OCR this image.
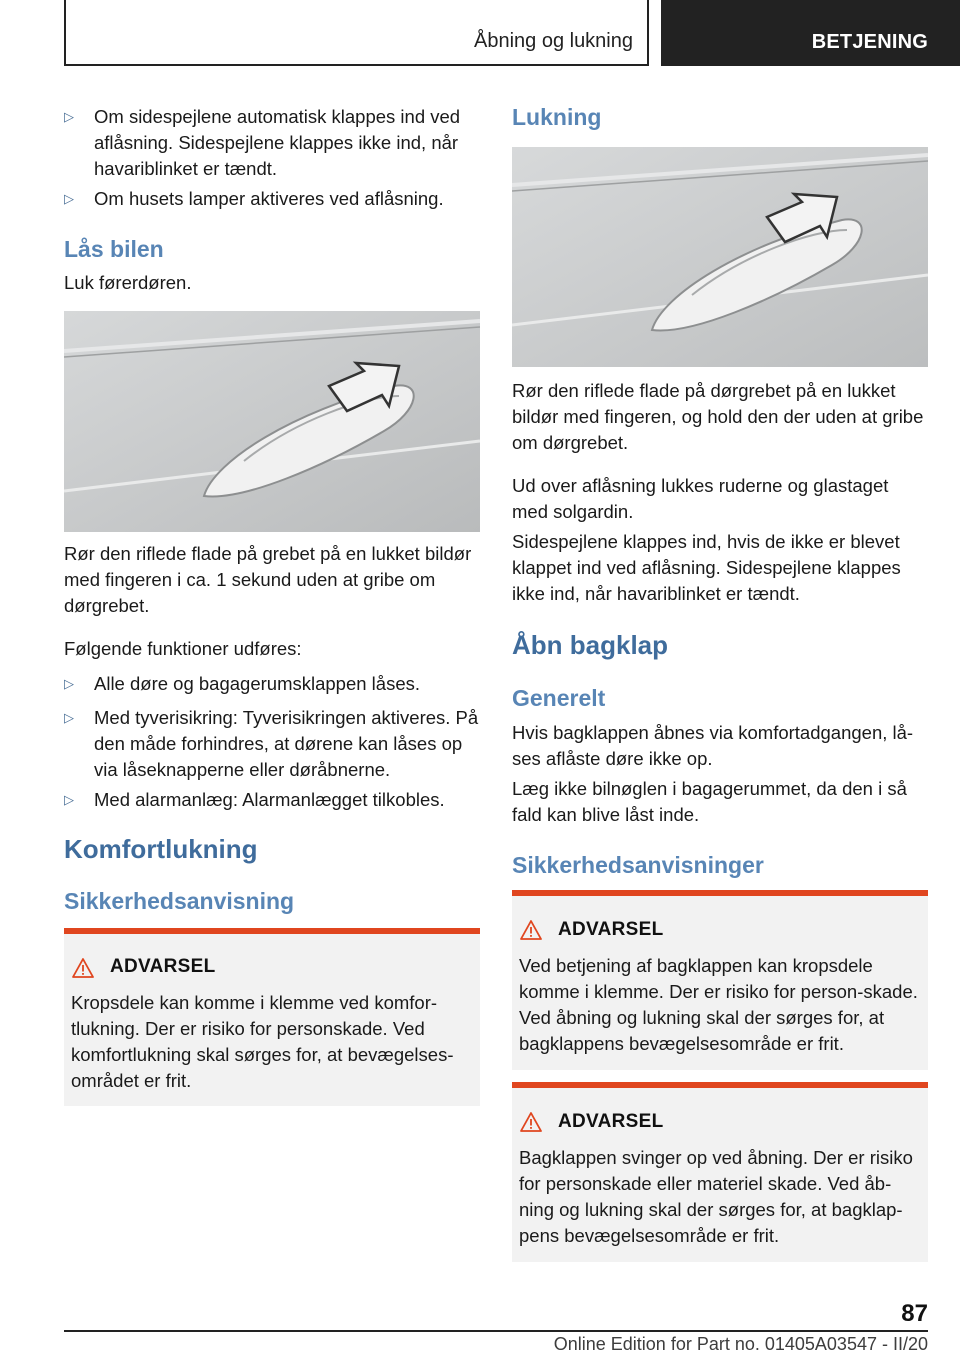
Åbning og lukning	BETJENING
▷	Om sidespejlene automatisk klappes ind ved aflåsning. Sidespejlene klappes ikke ind, når havariblinket er tændt.
▷	Om husets lamper aktiveres ved aflåsning.
Lås bilen
Luk førerdøren.
Rør den riflede flade på grebet på en lukket bildør med fingeren i ca. 1 sekund uden at gribe om dørgrebet.
Følgende funktioner udføres:
▷	Alle døre og bagagerumsklappen låses.
▷	Med tyverisikring: Tyverisikringen aktiveres. På den måde forhindres, at dørene kan låses op via låseknapperne eller døråbnerne.
▷	Med alarmanlæg: Alarmanlægget tilkobles.
Komfortlukning
Sikkerhedsanvisning
ADVARSEL
Kropsdele kan komme i klemme ved komfor-tlukning. Der er risiko for personskade. Ved komfortlukning skal sørges for, at bevægelses-området er frit.
Lukning
Rør den riflede flade på dørgrebet på en lukket bildør med fingeren, og hold den der uden at gribe om dørgrebet.
Ud over aflåsning lukkes ruderne og glastaget med solgardin.
Sidespejlene klappes ind, hvis de ikke er blevet klappet ind ved aflåsning. Sidespejlene klappes ikke ind, når havariblinket er tændt.
Åbn bagklap
Generelt
Hvis bagklappen åbnes via komfortadgangen, lå-ses aflåste døre ikke op.
Læg ikke bilnøglen i bagagerummet, da den i så fald kan blive låst inde.
Sikkerhedsanvisninger
ADVARSEL
Ved betjening af bagklappen kan kropsdele komme i klemme. Der er risiko for person-skade. Ved åbning og lukning skal der sørges for, at bagklappens bevægelsesområde er frit.
ADVARSEL
Bagklappen svinger op ved åbning. Der er risiko for personskade eller materiel skade. Ved åb-ning og lukning skal der sørges for, at bagklap-pens bevægelsesområde er frit.
87
Online Edition for Part no. 01405A03547 - II/20
